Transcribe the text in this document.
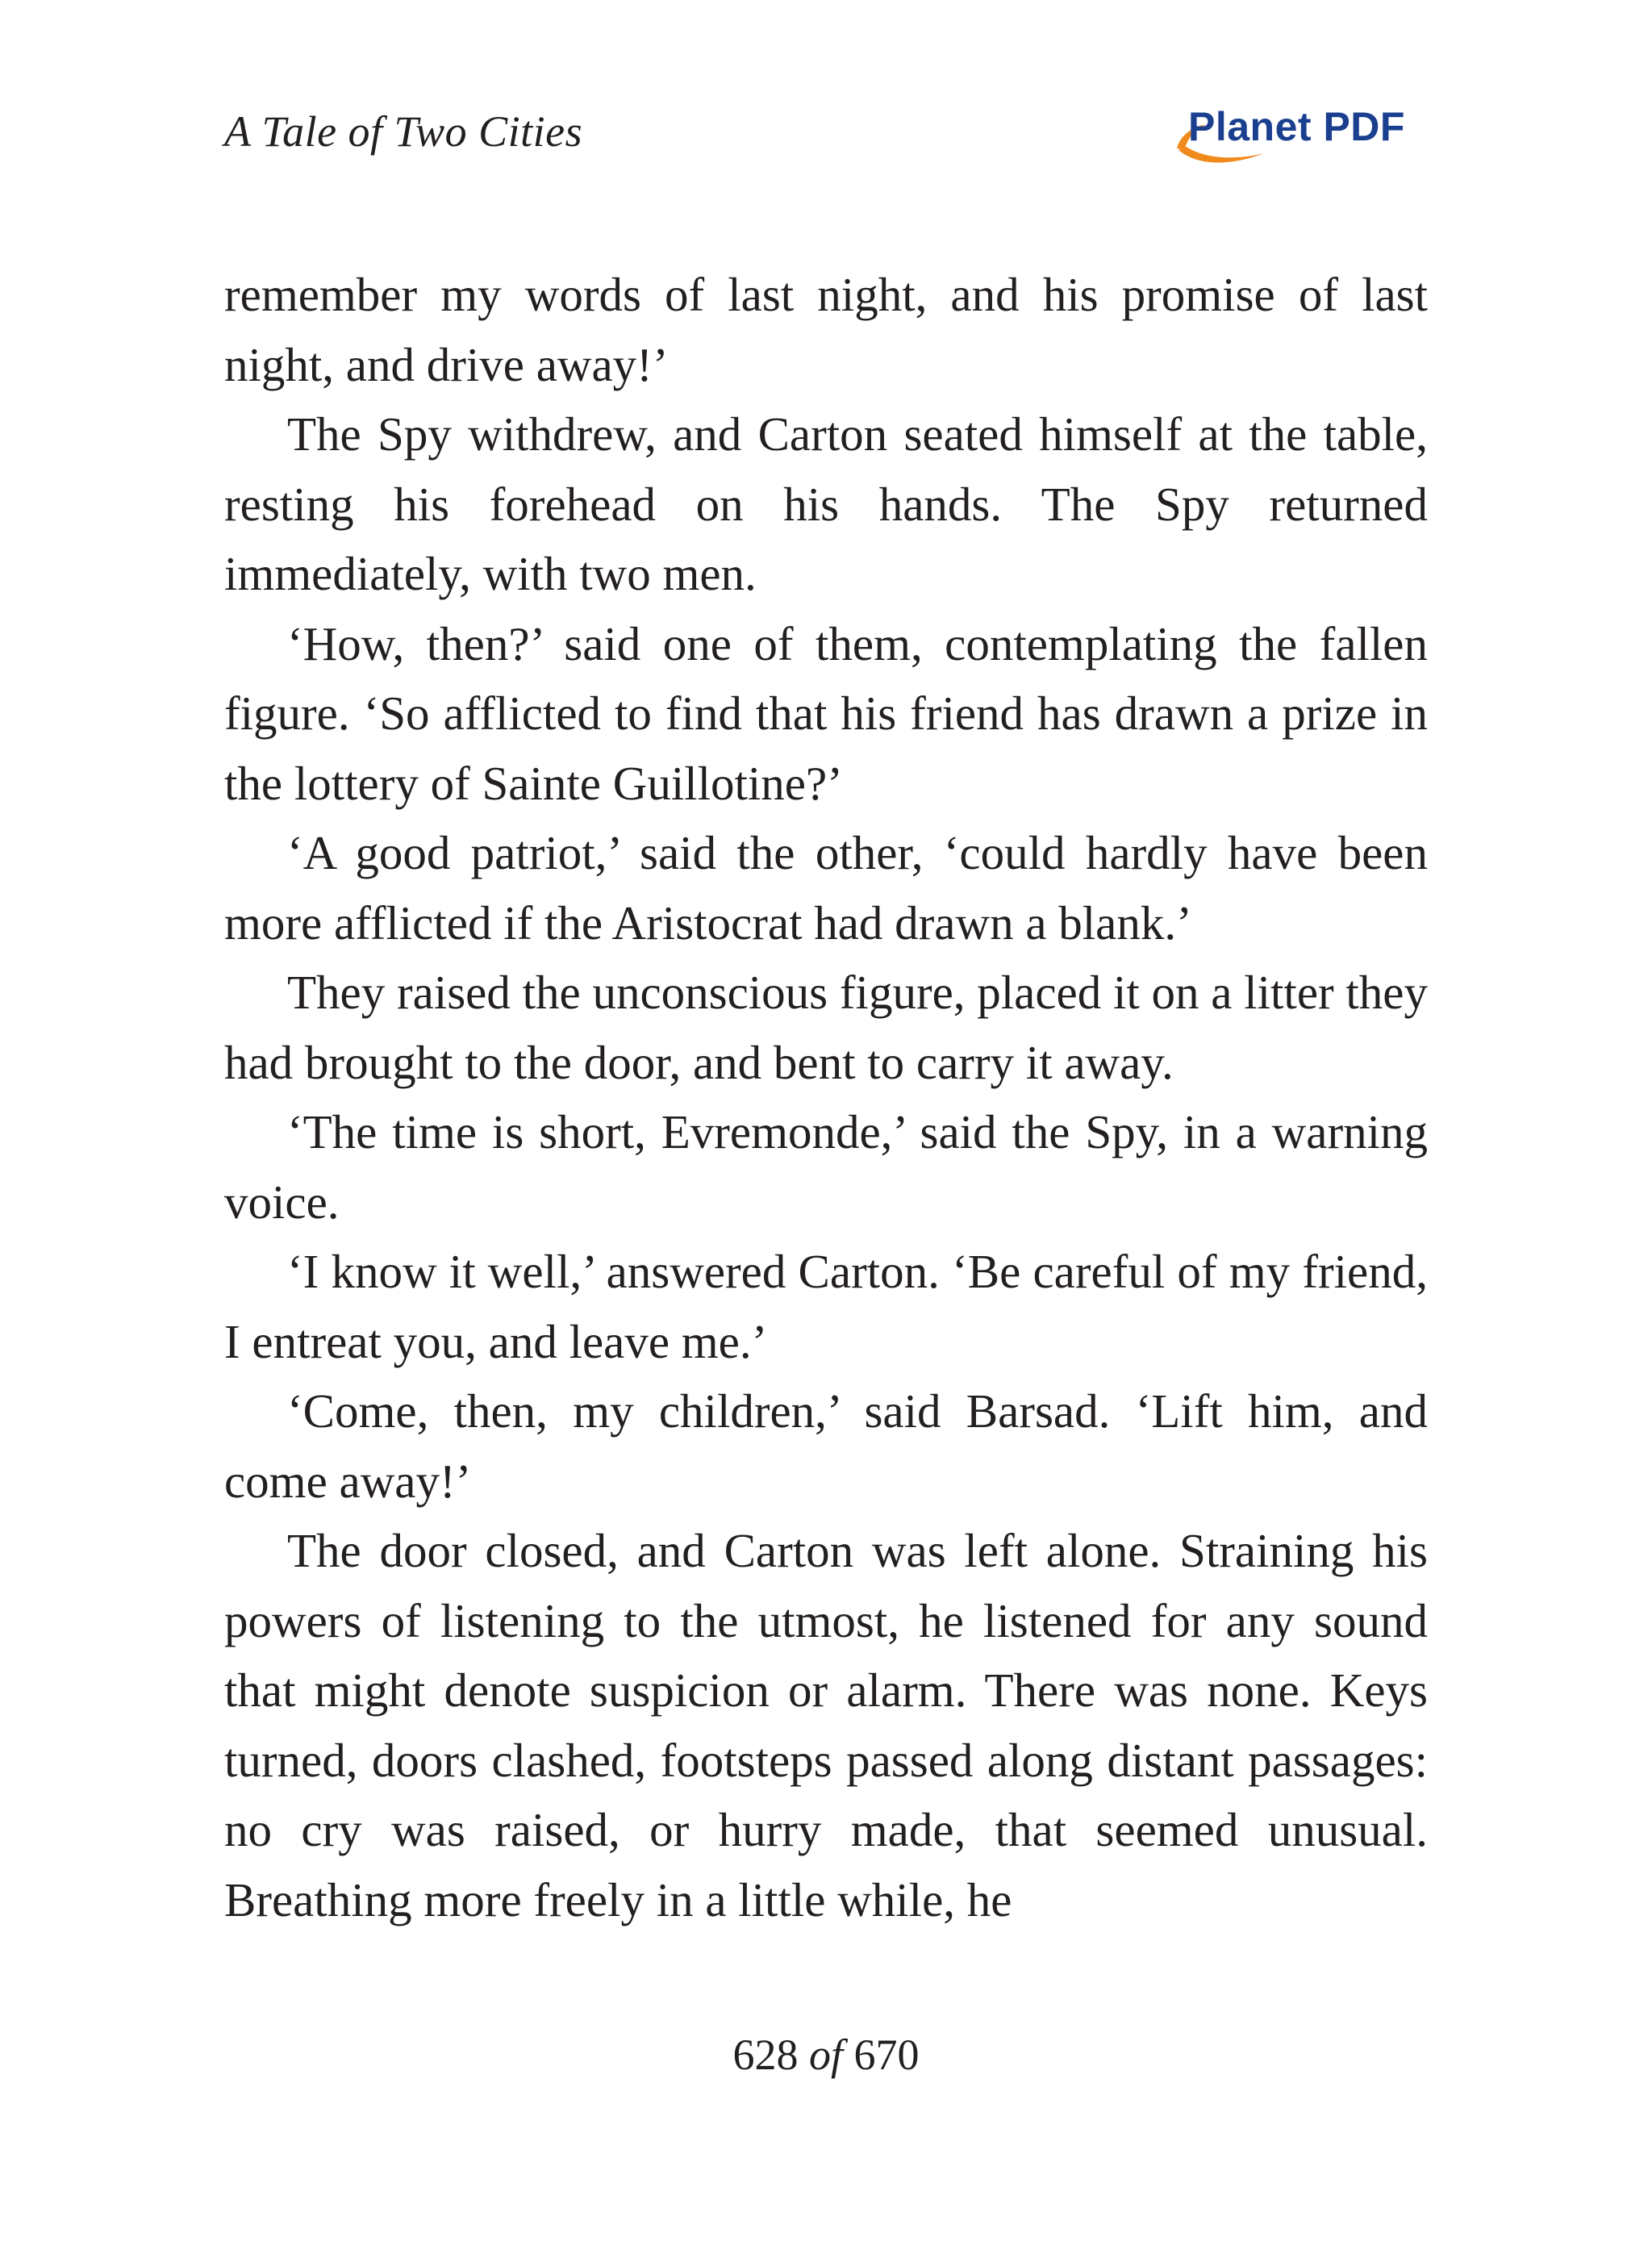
A Tale of Two Cities	Planet PDF

remember my words of last night, and his promise of last night, and drive away!’

The Spy withdrew, and Carton seated himself at the table, resting his forehead on his hands. The Spy returned immediately, with two men.

‘How, then?’ said one of them, contemplating the fallen figure. ‘So afflicted to find that his friend has drawn a prize in the lottery of Sainte Guillotine?’

‘A good patriot,’ said the other, ‘could hardly have been more afflicted if the Aristocrat had drawn a blank.’

They raised the unconscious figure, placed it on a litter they had brought to the door, and bent to carry it away.

‘The time is short, Evremonde,’ said the Spy, in a warning voice.

‘I know it well,’ answered Carton. ‘Be careful of my friend, I entreat you, and leave me.’

‘Come, then, my children,’ said Barsad. ‘Lift him, and come away!’

The door closed, and Carton was left alone. Straining his powers of listening to the utmost, he listened for any sound that might denote suspicion or alarm. There was none. Keys turned, doors clashed, footsteps passed along distant passages: no cry was raised, or hurry made, that seemed unusual. Breathing more freely in a little while, he

628 of 670
